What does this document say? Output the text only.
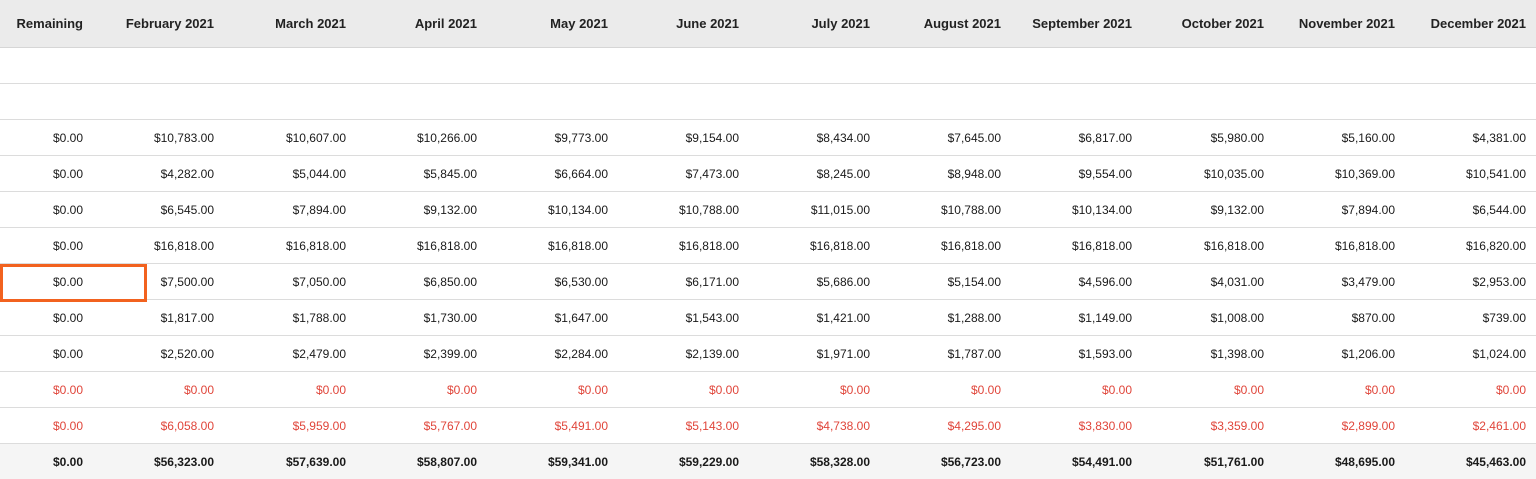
Remaining	February 2021	March 2021	April 2021	May 2021	June 2021	July 2021	August 2021	September 2021	October 2021	November 2021	December 2021
$0.00	$10,783.00	$10,607.00	$10,266.00	$9,773.00	$9,154.00	$8,434.00	$7,645.00	$6,817.00	$5,980.00	$5,160.00	$4,381.00
$0.00	$4,282.00	$5,044.00	$5,845.00	$6,664.00	$7,473.00	$8,245.00	$8,948.00	$9,554.00	$10,035.00	$10,369.00	$10,541.00
$0.00	$6,545.00	$7,894.00	$9,132.00	$10,134.00	$10,788.00	$11,015.00	$10,788.00	$10,134.00	$9,132.00	$7,894.00	$6,544.00
$0.00	$16,818.00	$16,818.00	$16,818.00	$16,818.00	$16,818.00	$16,818.00	$16,818.00	$16,818.00	$16,818.00	$16,818.00	$16,820.00
$0.00	$7,500.00	$7,050.00	$6,850.00	$6,530.00	$6,171.00	$5,686.00	$5,154.00	$4,596.00	$4,031.00	$3,479.00	$2,953.00
$0.00	$1,817.00	$1,788.00	$1,730.00	$1,647.00	$1,543.00	$1,421.00	$1,288.00	$1,149.00	$1,008.00	$870.00	$739.00
$0.00	$2,520.00	$2,479.00	$2,399.00	$2,284.00	$2,139.00	$1,971.00	$1,787.00	$1,593.00	$1,398.00	$1,206.00	$1,024.00
$0.00	$0.00	$0.00	$0.00	$0.00	$0.00	$0.00	$0.00	$0.00	$0.00	$0.00	$0.00
$0.00	$6,058.00	$5,959.00	$5,767.00	$5,491.00	$5,143.00	$4,738.00	$4,295.00	$3,830.00	$3,359.00	$2,899.00	$2,461.00
$0.00	$56,323.00	$57,639.00	$58,807.00	$59,341.00	$59,229.00	$58,328.00	$56,723.00	$54,491.00	$51,761.00	$48,695.00	$45,463.00
